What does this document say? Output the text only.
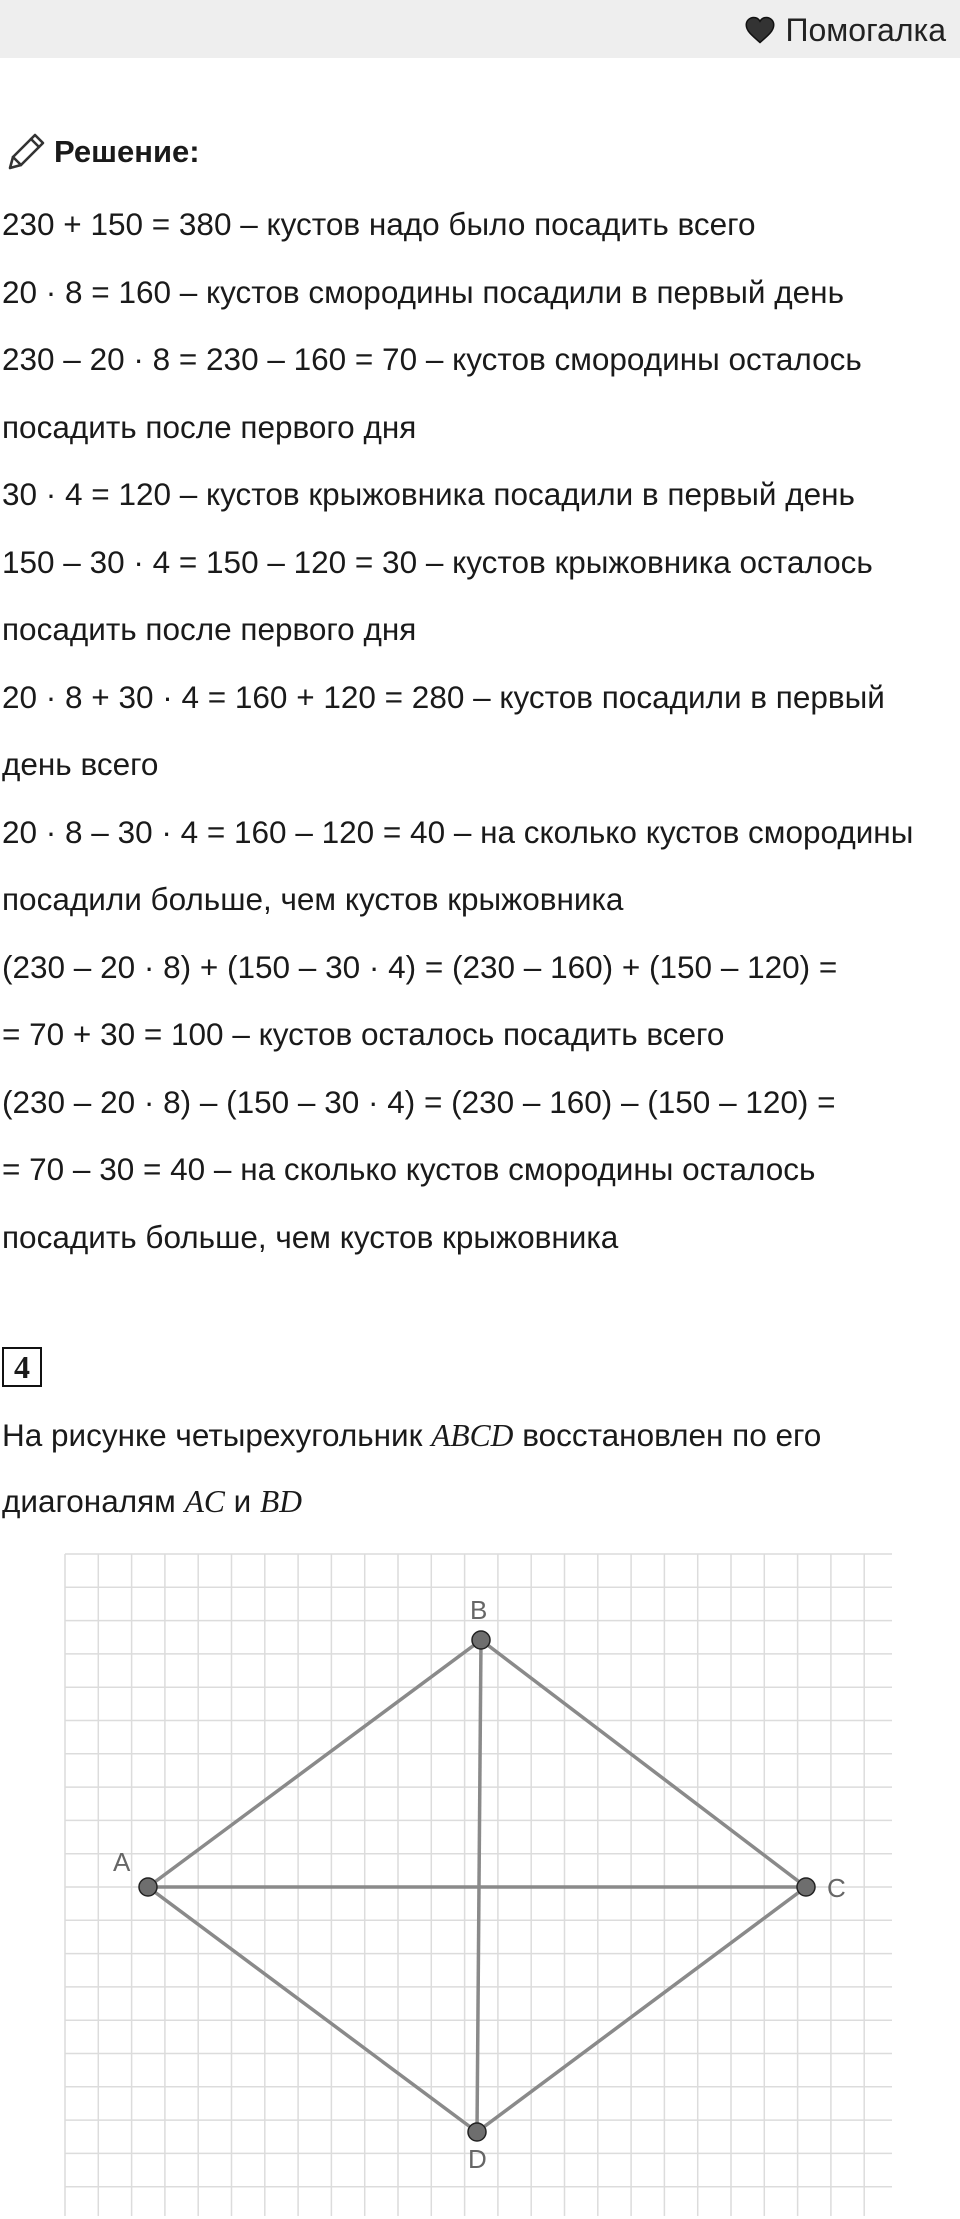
Помогалка
Решение:
230 + 150 = 380 – кустов надо было посадить всего
20 · 8 = 160 – кустов смородины посадили в первый день
230 – 20 · 8 = 230 – 160 = 70 – кустов смородины осталось
посадить после первого дня
30 · 4 = 120 – кустов крыжовника посадили в первый день
150 – 30 · 4 = 150 – 120 = 30 – кустов крыжовника осталось
посадить после первого дня
20 · 8 + 30 · 4 = 160 + 120 = 280 – кустов посадили в первый
день всего
20 · 8 – 30 · 4 = 160 – 120 = 40 – на сколько кустов смородины
посадили больше, чем кустов крыжовника
(230 – 20 · 8) + (150 – 30 · 4) = (230 – 160) + (150 – 120) =
= 70 + 30 = 100 – кустов осталось посадить всего
(230 – 20 · 8) – (150 – 30 · 4) = (230 – 160) – (150 – 120) =
= 70 – 30 = 40 – на сколько кустов смородины осталось
посадить больше, чем кустов крыжовника
4
На рисунке четырехугольник ABCD восстановлен по его
диагоналям AC и BD
A
B
C
D
